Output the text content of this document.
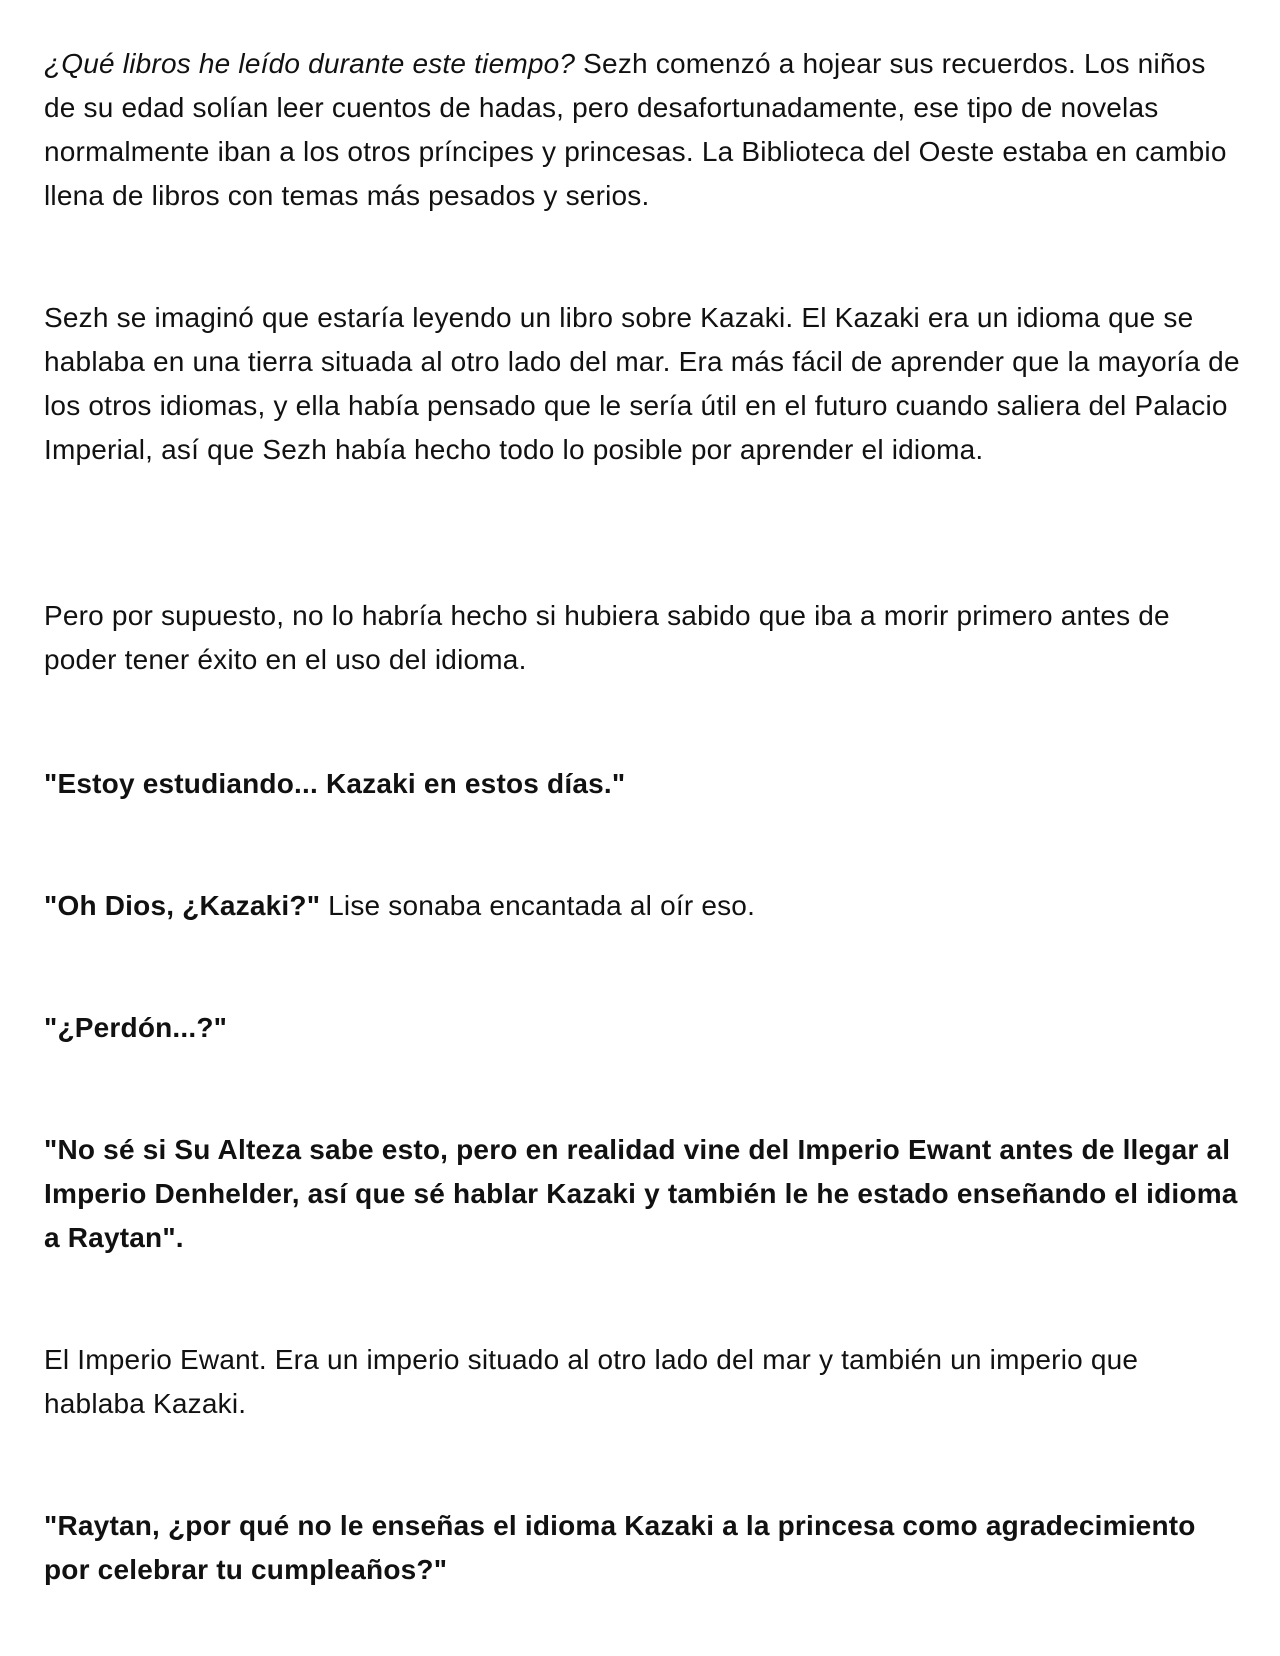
¿Qué libros he leído durante este tiempo? Sezh comenzó a hojear sus recuerdos. Los niños de su edad solían leer cuentos de hadas, pero desafortunadamente, ese tipo de novelas normalmente iban a los otros príncipes y princesas. La Biblioteca del Oeste estaba en cambio llena de libros con temas más pesados y serios.

Sezh se imaginó que estaría leyendo un libro sobre Kazaki. El Kazaki era un idioma que se hablaba en una tierra situada al otro lado del mar. Era más fácil de aprender que la mayoría de los otros idiomas, y ella había pensado que le sería útil en el futuro cuando saliera del Palacio Imperial, así que Sezh había hecho todo lo posible por aprender el idioma.

Pero por supuesto, no lo habría hecho si hubiera sabido que iba a morir primero antes de poder tener éxito en el uso del idioma.

"Estoy estudiando... Kazaki en estos días."

"Oh Dios, ¿Kazaki?" Lise sonaba encantada al oír eso.

"¿Perdón...?"

"No sé si Su Alteza sabe esto, pero en realidad vine del Imperio Ewant antes de llegar al Imperio Denhelder, así que sé hablar Kazaki y también le he estado enseñando el idioma a Raytan".

El Imperio Ewant. Era un imperio situado al otro lado del mar y también un imperio que hablaba Kazaki.

"Raytan, ¿por qué no le enseñas el idioma Kazaki a la princesa como agradecimiento por celebrar tu cumpleaños?"
